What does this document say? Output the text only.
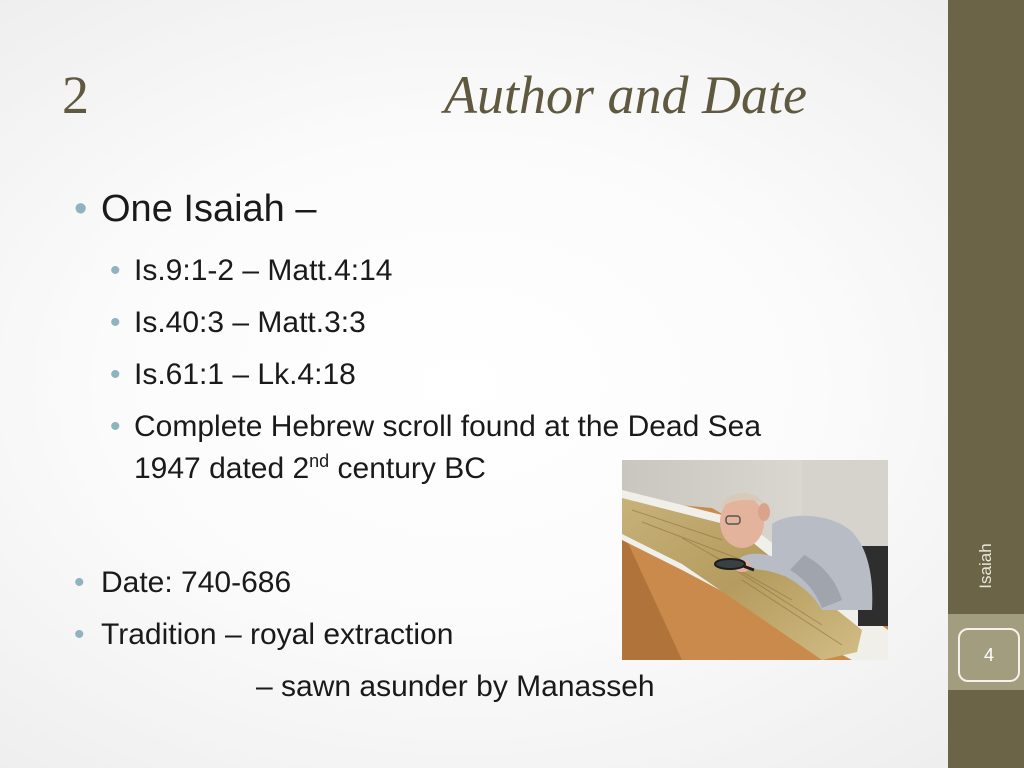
2	Author and Date
• One Isaiah –
• Is.9:1-2 – Matt.4:14
• Is.40:3 – Matt.3:3
• Is.61:1 – Lk.4:18
• Complete Hebrew scroll found at the Dead Sea
1947 dated 2nd century BC
• Date: 740-686
• Tradition – royal extraction
– sawn asunder by Manasseh
Isaiah
4
